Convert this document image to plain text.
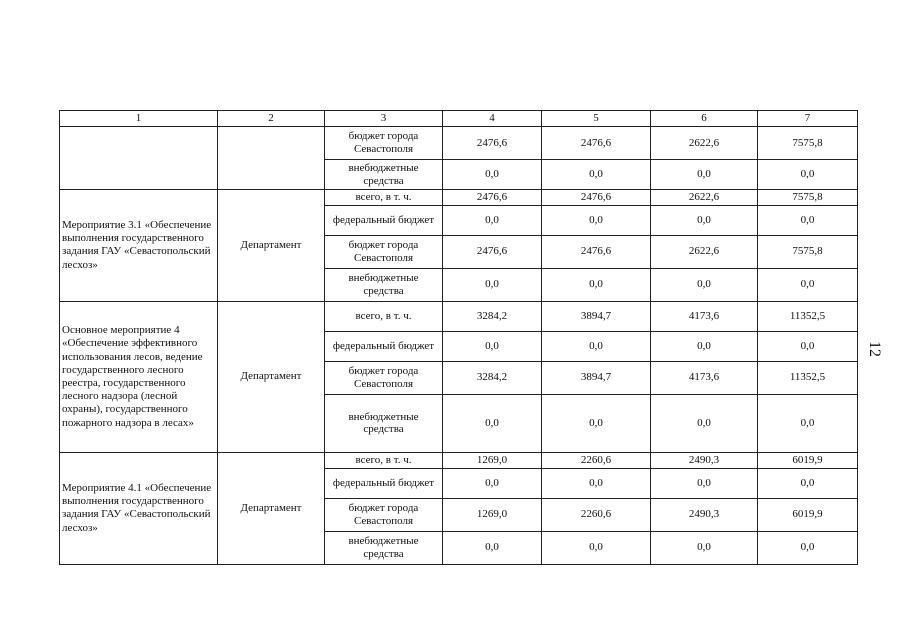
1	2	3	4	5	6	7
		бюджет города Севастополя	2476,6	2476,6	2622,6	7575,8
		внебюджетные средства	0,0	0,0	0,0	0,0
Мероприятие 3.1 «Обеспечение выполнения государственного задания ГАУ «Севастопольский лесхоз»	Департамент	всего, в т. ч.	2476,6	2476,6	2622,6	7575,8
		федеральный бюджет	0,0	0,0	0,0	0,0
		бюджет города Севастополя	2476,6	2476,6	2622,6	7575,8
		внебюджетные средства	0,0	0,0	0,0	0,0
Основное мероприятие 4 «Обеспечение эффективного использования лесов, ведение государственного лесного реестра, государственного лесного надзора (лесной охраны), государственного пожарного надзора в лесах»	Департамент	всего, в т. ч.	3284,2	3894,7	4173,6	11352,5
		федеральный бюджет	0,0	0,0	0,0	0,0
		бюджет города Севастополя	3284,2	3894,7	4173,6	11352,5
		внебюджетные средства	0,0	0,0	0,0	0,0
Мероприятие 4.1 «Обеспечение выполнения государственного задания ГАУ «Севастопольский лесхоз»	Департамент	всего, в т. ч.	1269,0	2260,6	2490,3	6019,9
		федеральный бюджет	0,0	0,0	0,0	0,0
		бюджет города Севастополя	1269,0	2260,6	2490,3	6019,9
		внебюджетные средства	0,0	0,0	0,0	0,0
12
